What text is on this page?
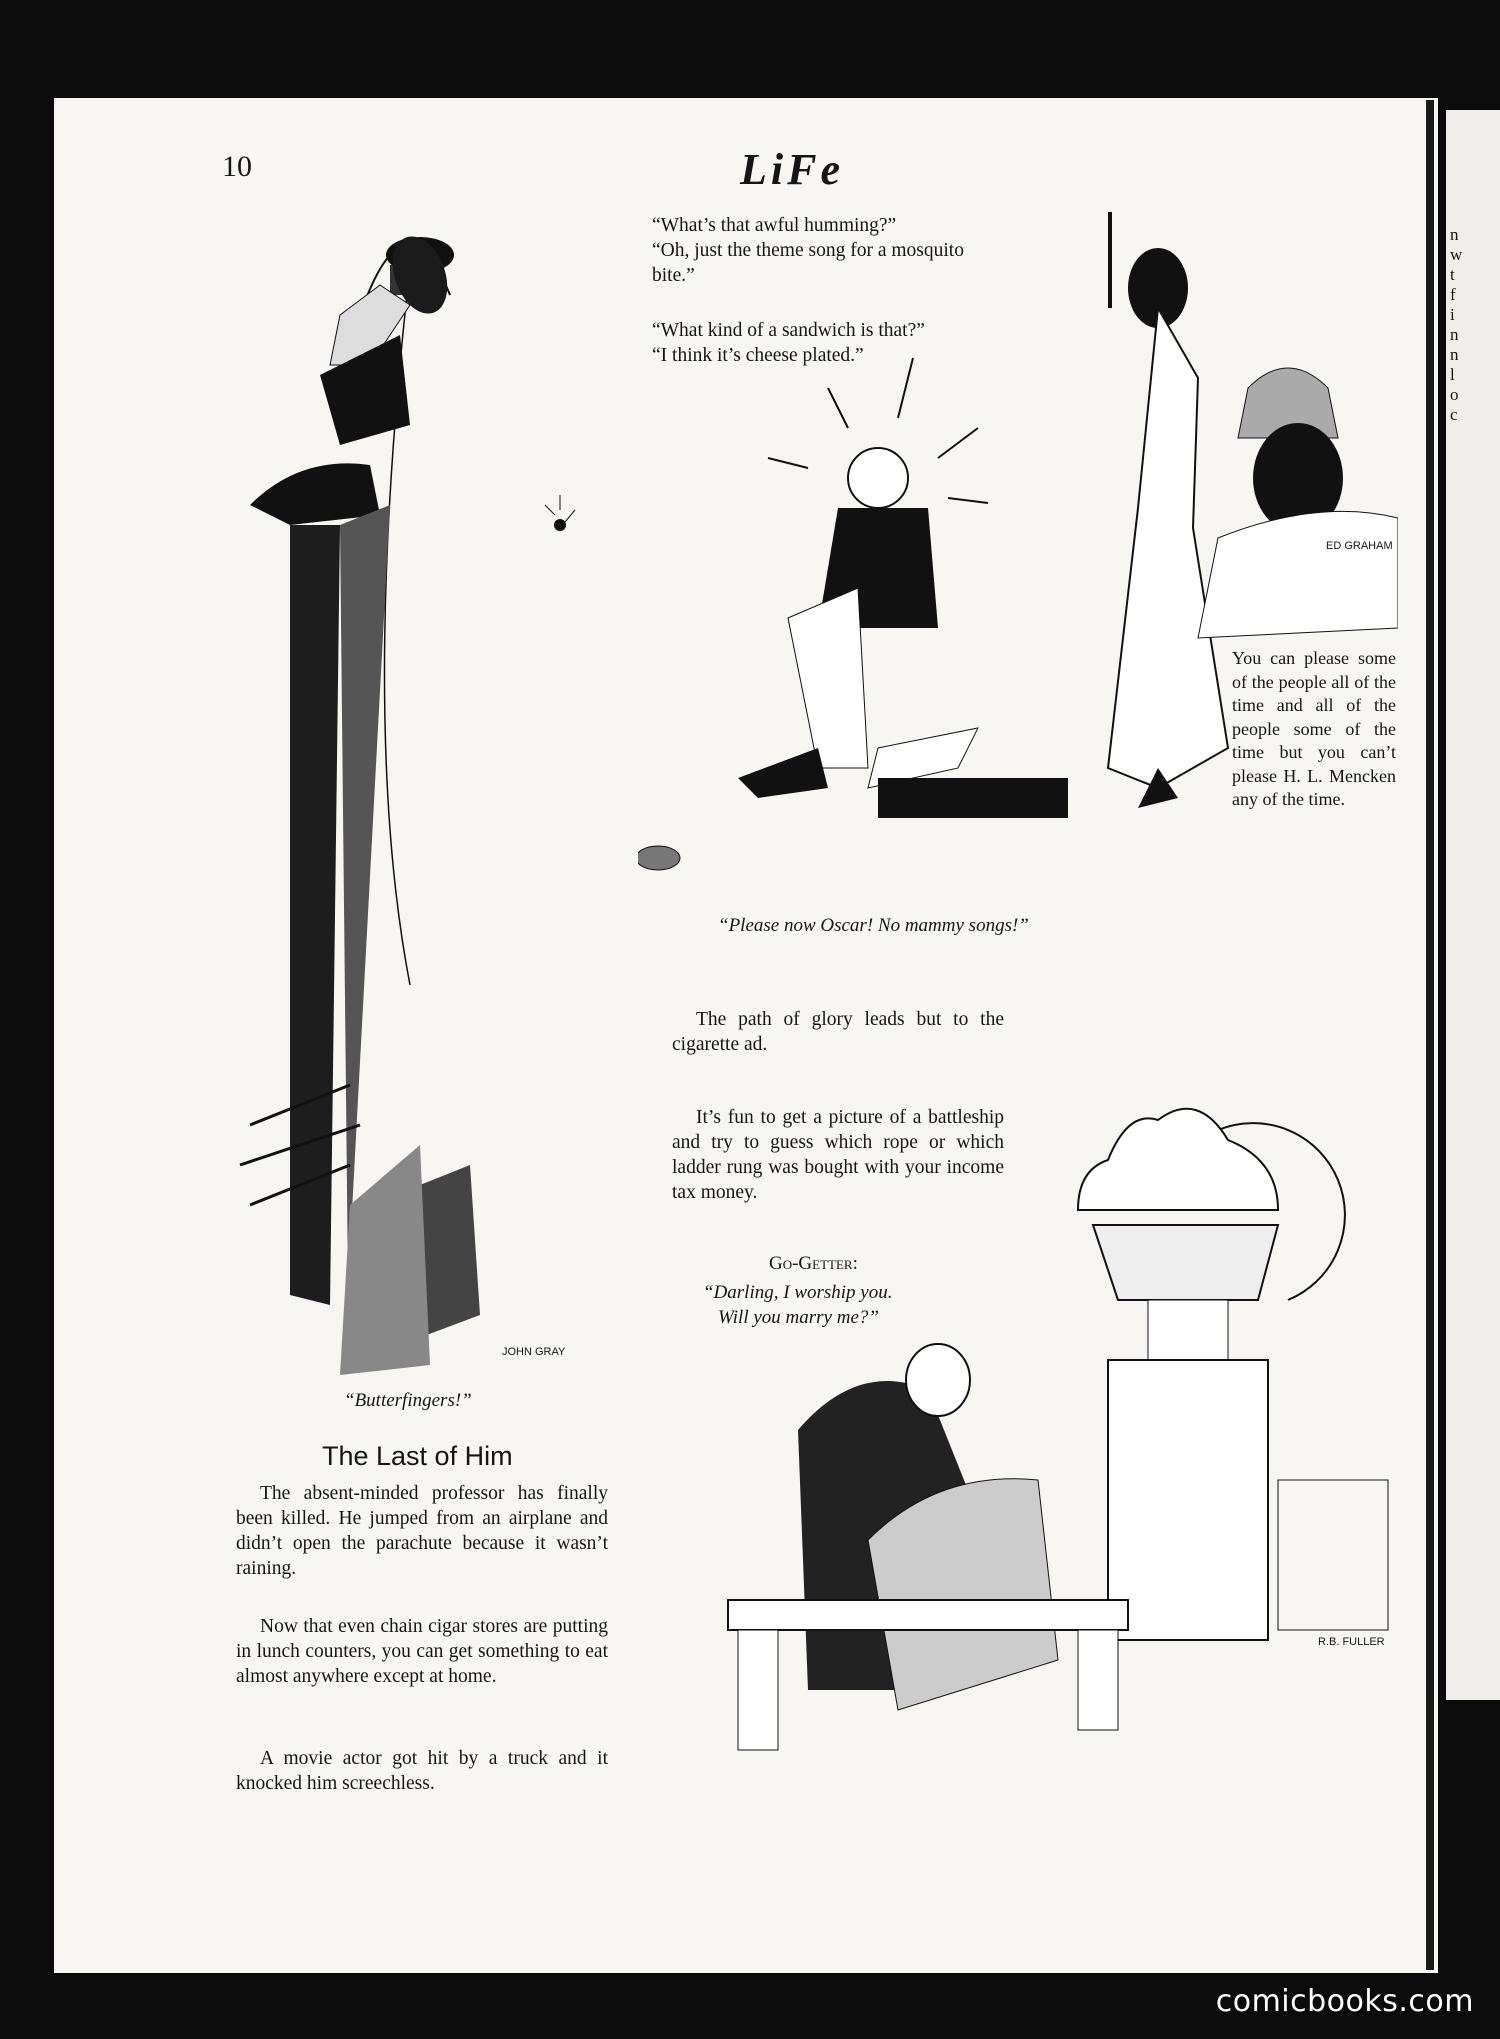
n
w
t
f
i
n
n
l
o
c
10	LiFe
“What’s that awful humming?”
“Oh, just the theme song for a mosquito bite.”
“What kind of a sandwich is that?”
“I think it’s cheese plated.”
JOHN GRAY
“Butterfingers!”
ED GRAHAM
“Please now Oscar! No mammy songs!”
You can please some of the people all of the time and all of the people some of the time but you can’t please H. L. Mencken any of the time.

The path of glory leads but to the cigarette ad.

It’s fun to get a picture of a battleship and try to guess which rope or which ladder rung was bought with your income tax money.

Go-Getter:
“Darling, I worship you.
Will you marry me?”
R.B. FULLER
The Last of Him

The absent-minded professor has finally been killed. He jumped from an airplane and didn’t open the parachute because it wasn’t raining.

Now that even chain cigar stores are putting in lunch counters, you can get something to eat almost anywhere except at home.

A movie actor got hit by a truck and it knocked him screechless.

comicbooks.com
